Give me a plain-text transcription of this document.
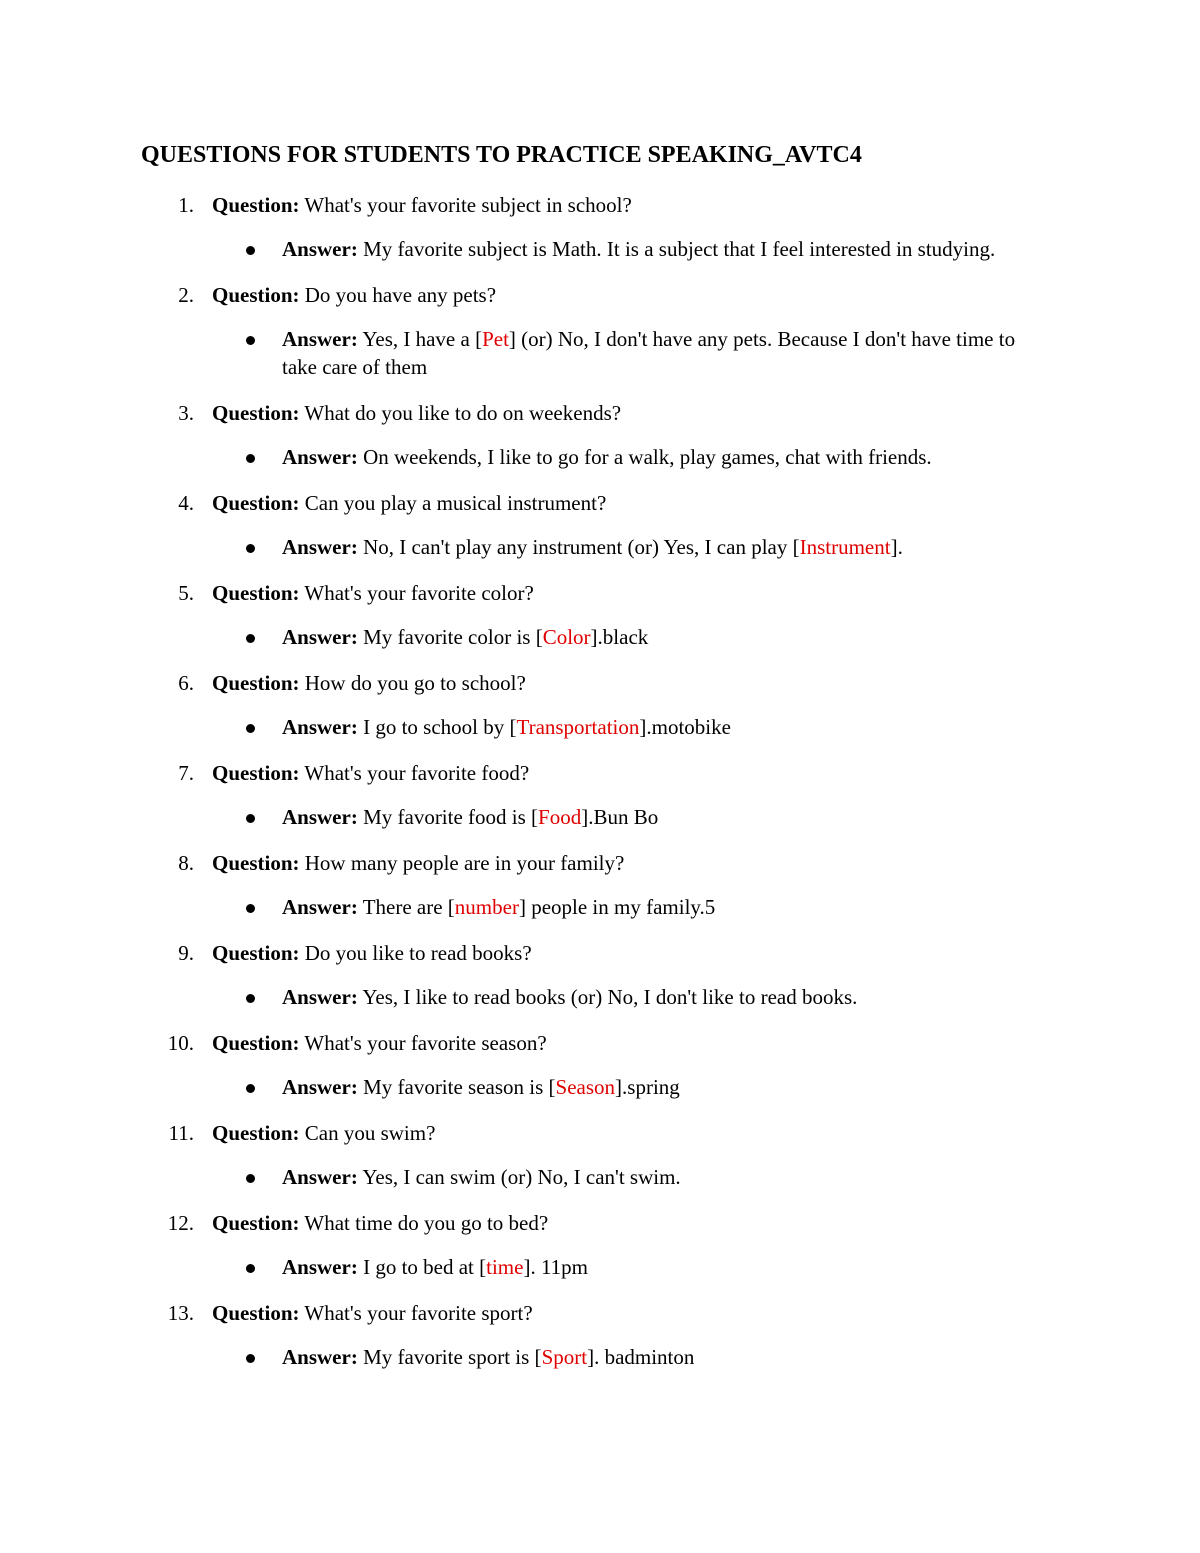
QUESTIONS FOR STUDENTS TO PRACTICE SPEAKING_AVTC4
1. Question: What's your favorite subject in school?
Answer: My favorite subject is Math. It is a subject that I feel interested in studying.
2. Question: Do you have any pets?
Answer: Yes, I have a [Pet] (or) No, I don't have any pets. Because I don't have time to take care of them
3. Question: What do you like to do on weekends?
Answer: On weekends, I like to go for a walk, play games, chat with friends.
4. Question: Can you play a musical instrument?
Answer: No, I can't play any instrument (or) Yes, I can play [Instrument].
5. Question: What's your favorite color?
Answer: My favorite color is [Color].black
6. Question: How do you go to school?
Answer: I go to school by [Transportation].motobike
7. Question: What's your favorite food?
Answer: My favorite food is [Food].Bun Bo
8. Question: How many people are in your family?
Answer: There are [number] people in my family.5
9. Question: Do you like to read books?
Answer: Yes, I like to read books (or) No, I don't like to read books.
10. Question: What's your favorite season?
Answer: My favorite season is [Season].spring
11. Question: Can you swim?
Answer: Yes, I can swim (or) No, I can't swim.
12. Question: What time do you go to bed?
Answer: I go to bed at [time]. 11pm
13. Question: What's your favorite sport?
Answer: My favorite sport is [Sport]. badminton
